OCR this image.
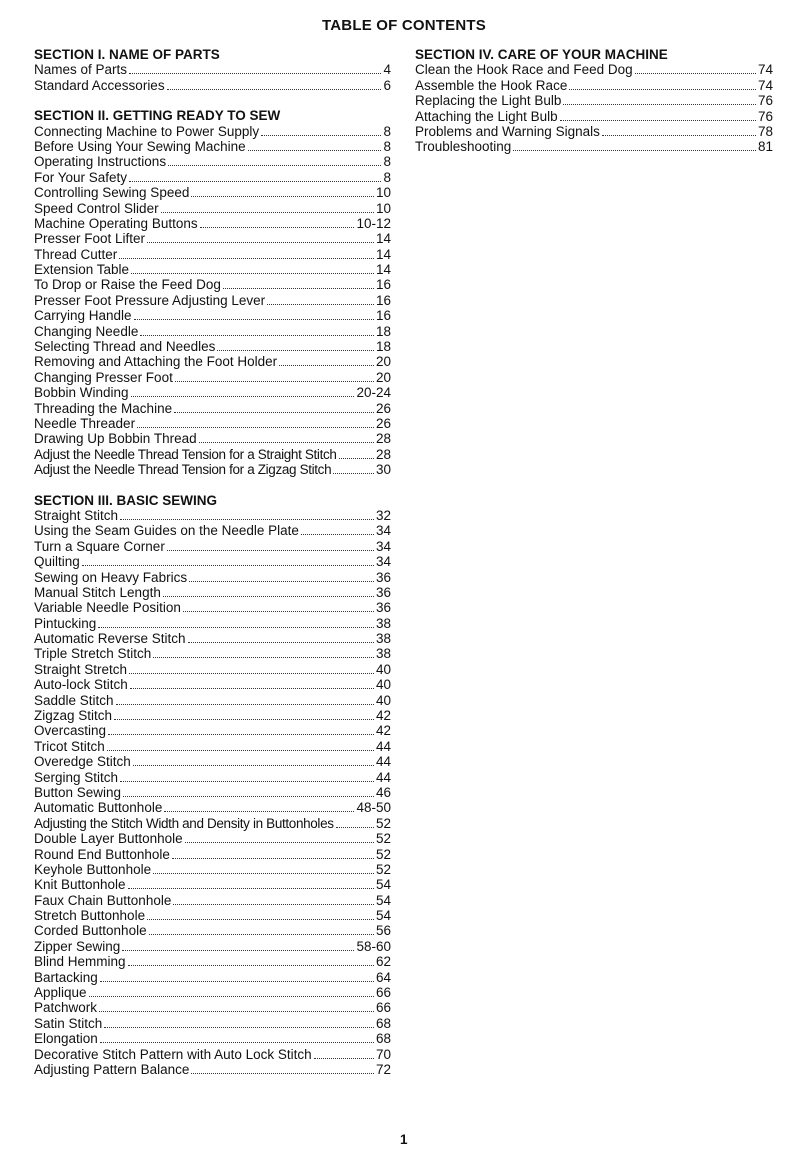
TABLE OF CONTENTS
SECTION I. NAME OF PARTS
Names of Parts	4
Standard Accessories	6
SECTION II. GETTING READY TO SEW
Connecting Machine to Power Supply	8
Before Using Your Sewing Machine	8
Operating Instructions	8
For Your Safety	8
Controlling Sewing Speed	10
Speed Control Slider	10
Machine Operating Buttons	10-12
Presser Foot Lifter	14
Thread Cutter	14
Extension Table	14
To Drop or Raise the Feed Dog	16
Presser Foot Pressure Adjusting Lever	16
Carrying Handle	16
Changing Needle	18
Selecting Thread and Needles	18
Removing and Attaching the Foot Holder	20
Changing Presser Foot	20
Bobbin Winding	20-24
Threading the Machine	26
Needle Threader	26
Drawing Up Bobbin Thread	28
Adjust the Needle Thread Tension for a Straight Stitch	28
Adjust the Needle Thread Tension for a Zigzag Stitch	30
SECTION III. BASIC SEWING
Straight Stitch	32
Using the Seam Guides on the Needle Plate	34
Turn a Square Corner	34
Quilting	34
Sewing on Heavy Fabrics	36
Manual Stitch Length	36
Variable Needle Position	36
Pintucking	38
Automatic Reverse Stitch	38
Triple Stretch Stitch	38
Straight Stretch	40
Auto-lock Stitch	40
Saddle Stitch	40
Zigzag Stitch	42
Overcasting	42
Tricot Stitch	44
Overedge Stitch	44
Serging Stitch	44
Button Sewing	46
Automatic Buttonhole	48-50
Adjusting the Stitch Width and Density in Buttonholes	52
Double Layer Buttonhole	52
Round End Buttonhole	52
Keyhole Buttonhole	52
Knit Buttonhole	54
Faux Chain Buttonhole	54
Stretch Buttonhole	54
Corded Buttonhole	56
Zipper Sewing	58-60
Blind Hemming	62
Bartacking	64
Applique	66
Patchwork	66
Satin Stitch	68
Elongation	68
Decorative Stitch Pattern with Auto Lock Stitch	70
Adjusting Pattern Balance	72
SECTION IV. CARE OF YOUR MACHINE
Clean the Hook Race and Feed Dog	74
Assemble the Hook Race	74
Replacing the Light Bulb	76
Attaching the Light Bulb	76
Problems and Warning Signals	78
Troubleshooting	81
1
